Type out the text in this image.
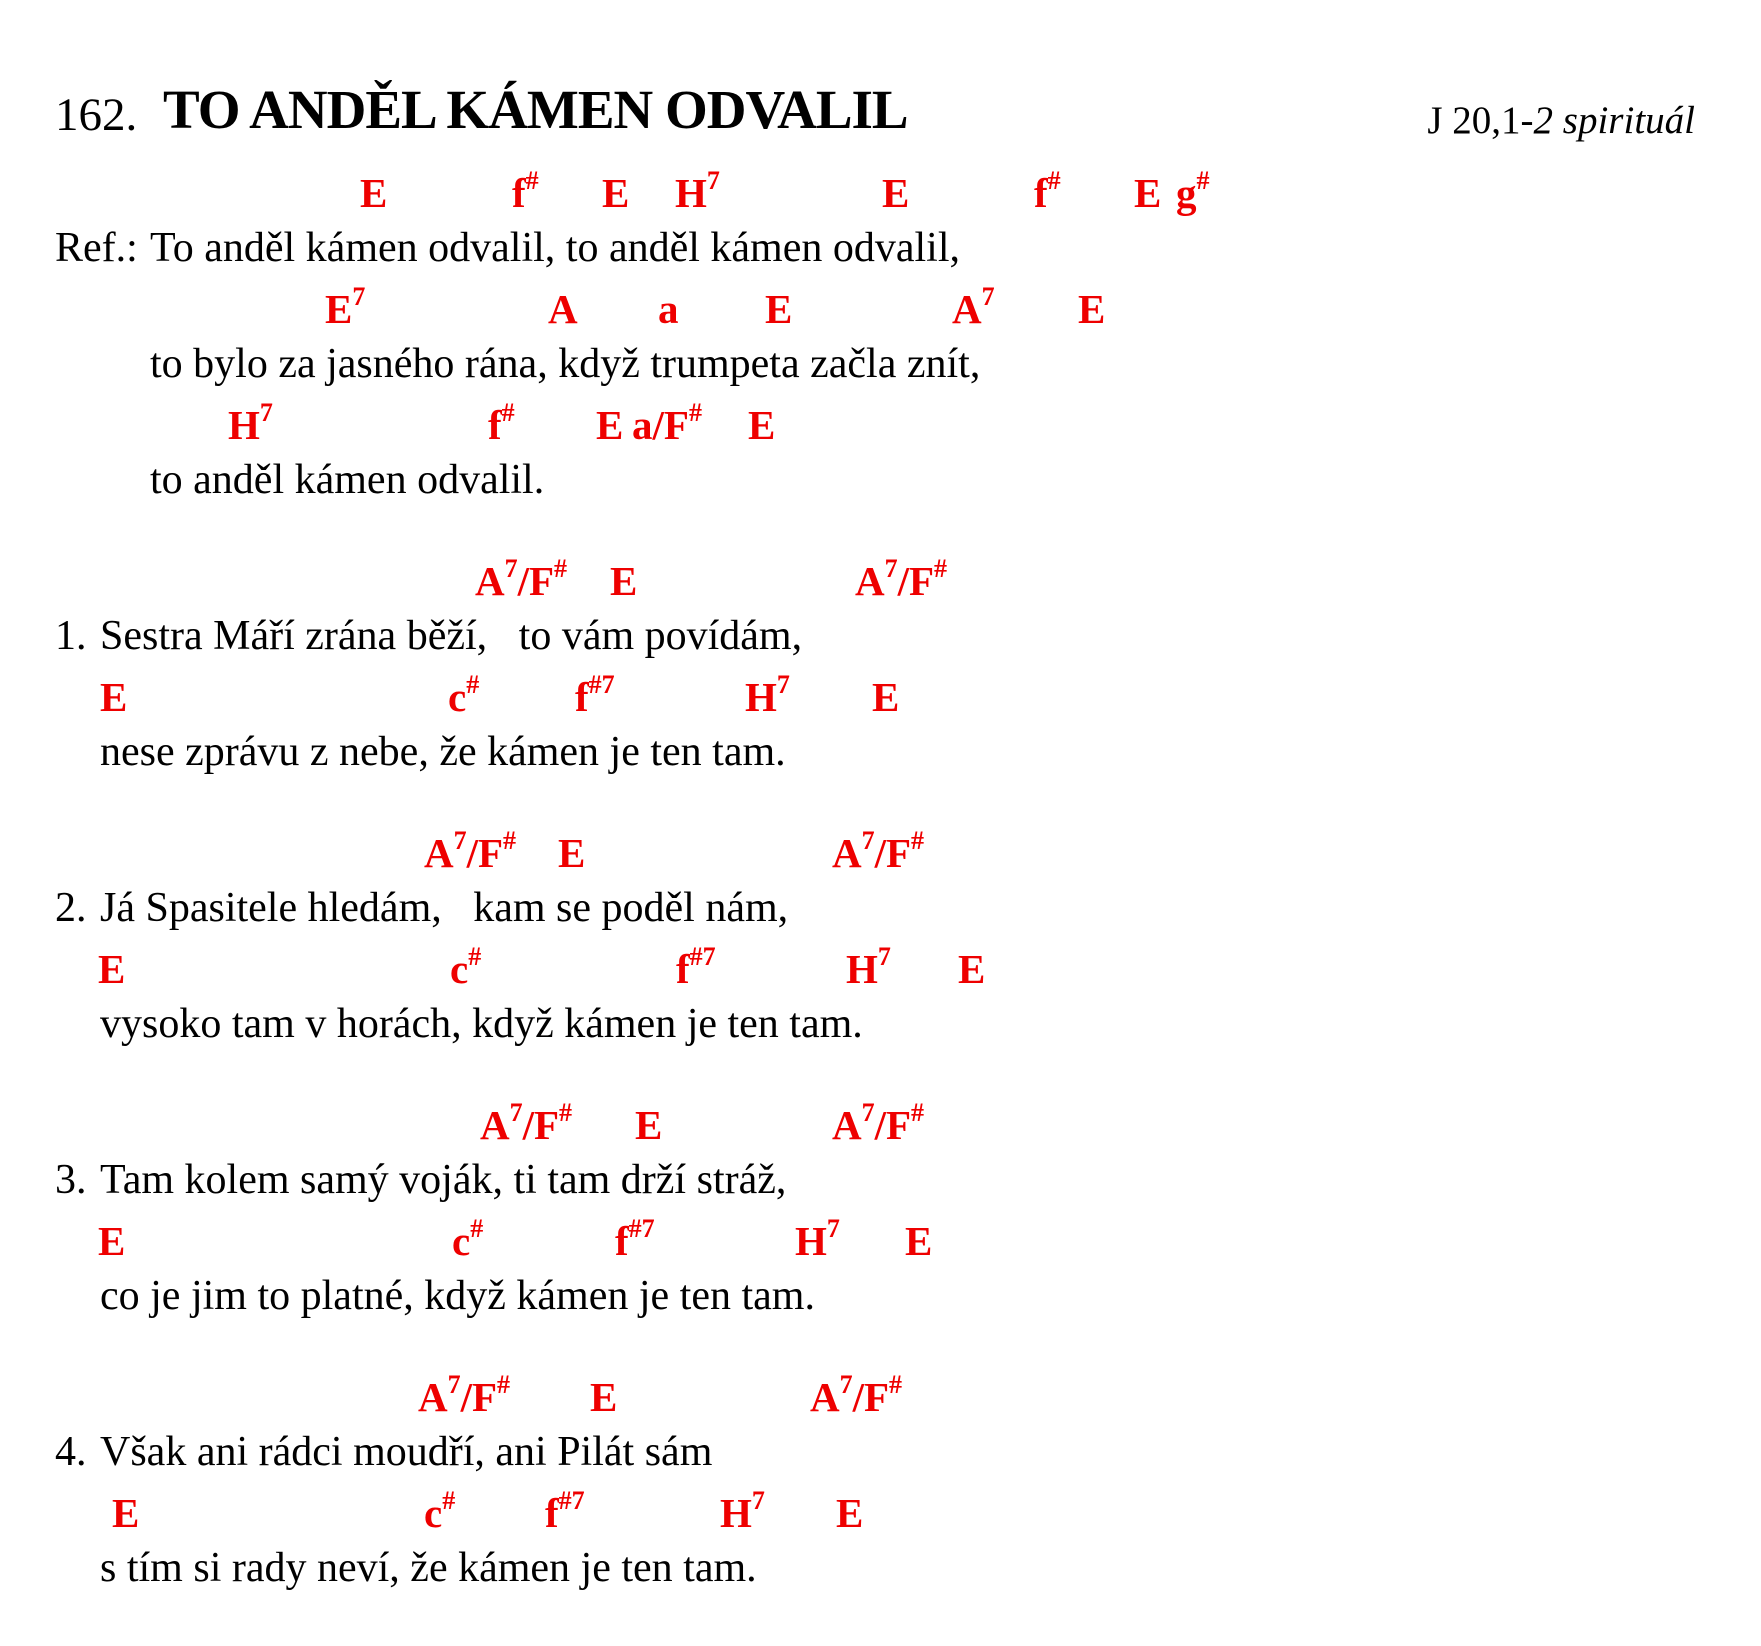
162. TO ANDĚL KÁMEN ODVALIL	J 20,1-2 spirituál
E	f# E $H^7$	E	f# E g#
Ref.: To anděl kámen odvalil, to anděl kámen odvalil,
$E^7$	A a E	$A^7$ E
to bylo za jasného rána, když trumpeta začla znít,
$H^7$	f# E a/F# E
to anděl kámen odvalil.
$A^7/F^{\#}$ E	$A^7/F^{\#}$
1. Sestra Máří zrána běží,   to vám povídám,
E	c# $f^{\#7}$	$H^7$ E
nese zprávu z nebe, že kámen je ten tam.
$A^7/F^{\#}$ E	$A^7/F^{\#}$
2. Já Spasitele hledám,   kam se poděl nám,
E	c#	$f^{\#7}$	$H^7$ E
vysoko tam v horách, když kámen je ten tam.
$A^7/F^{\#}$ E	$A^7/F^{\#}$
3. Tam kolem samý voják, ti tam drží stráž,
E	c#	$f^{\#7}$	$H^7$ E
co je jim to platné, když kámen je ten tam.
$A^7/F^{\#}$ E	$A^7/F^{\#}$
4. Však ani rádci moudří, ani Pilát sám
E	c# $f^{\#7}$	$H^7$ E
s tím si rady neví, že kámen je ten tam.
